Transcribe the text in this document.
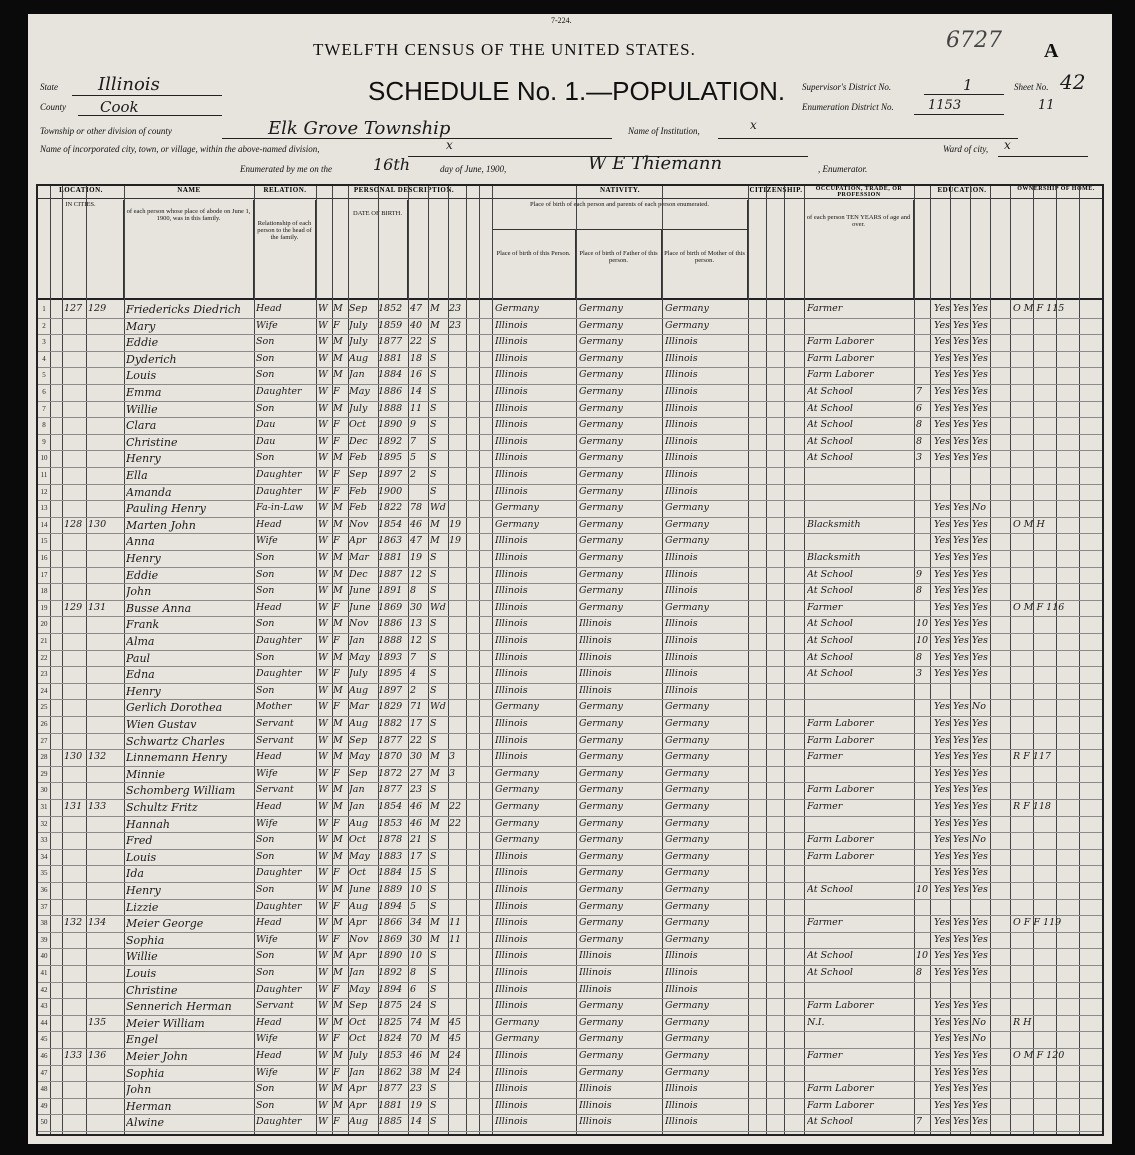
7-224.
TWELFTH CENSUS OF THE UNITED STATES.	A
6727
SCHEDULE No. 1.—POPULATION.
State Illinois
County Cook
Supervisor's District No.	1	Sheet No. 42
Enumeration District No.	1153	11
Township or other division of county	Elk Grove Township	Name of Institution,	x
Name of incorporated city, town, or village, within the above-named division,	x	Ward of city, x
Enumerated by me on the	16th	day of June, 1900,	W E Thiemann	, Enumerator.
LOCATION.	NAME	RELATION.	PERSONAL DESCRIPTION.	NATIVITY.	CITIZENSHIP.	OCCUPATION, TRADE, OR PROFESSION
EDUCATION.	OWNERSHIP OF HOME.
IN CITIES.
of each person whose place of abode on June 1, 1900, was in this family.
Relationship of each person to the head of the family.
DATE OF BIRTH.
Place of birth of each person and parents of each person enumerated.
Place of birth of this Person.	Place of birth of Father of this person.
Place of birth of Mother of this person.
of each person TEN YEARS of age and over.
1	127 129	Friedericks Diedrich	Head	W M Sep	1852 47 M 23	Germany	Germany	Germany	Farmer	Yes Yes Yes	O M F 115
2	Mary	Wife	W F July	1859 40 M 23	Illinois	Germany	Germany	Yes Yes Yes
3	Eddie	Son	W M July	1877 22 S	Illinois	Germany	Illinois	Farm Laborer	Yes Yes Yes
4	Dyderich	Son	W M Aug	1881 18 S	Illinois	Germany	Illinois	Farm Laborer	Yes Yes Yes
5	Louis	Son	W M Jan	1884 16 S	Illinois	Germany	Illinois	Farm Laborer	Yes Yes Yes
6	Emma	Daughter	W F May 1886 14 S	Illinois	Germany	Illinois	At School	7	Yes Yes Yes
7	Willie	Son	W M July	1888 11 S	Illinois	Germany	Illinois	At School	6	Yes Yes Yes
8	Clara	Dau	W F Oct	1890 9	S	Illinois	Germany	Illinois	At School	8	Yes Yes Yes
9	Christine	Dau	W F Dec	1892 7	S	Illinois	Germany	Illinois	At School	8	Yes Yes Yes
10	Henry	Son	W M Feb	1895 5	S	Illinois	Germany	Illinois	At School	3	Yes Yes Yes
11	Ella	Daughter	W F Sep	1897 2	S	Illinois	Germany	Illinois
12	Amanda	Daughter	W F Feb	1900	S	Illinois	Germany	Illinois
13	Pauling Henry	Fa-in-Law	W M Feb	1822 78 Wd	Germany	Germany	Germany	Yes Yes No
14	128 130	Marten John	Head	W M Nov	1854 46 M 19	Germany	Germany	Germany	Blacksmith	Yes Yes Yes	O M H
15	Anna	Wife	W F Apr	1863 47 M 19	Illinois	Germany	Germany	Yes Yes Yes
16	Henry	Son	W M Mar 1881 19 S	Illinois	Germany	Illinois	Blacksmith	Yes Yes Yes
17	Eddie	Son	W M Dec	1887 12 S	Illinois	Germany	Illinois	At School	9	Yes Yes Yes
18	John	Son	W M June 1891 8	S	Illinois	Germany	Illinois	At School	8	Yes Yes Yes
19	129 131	Busse Anna	Head	W F June 1869 30 Wd	Illinois	Germany	Germany	Farmer	Yes Yes Yes	O M F 116
20	Frank	Son	W M Nov	1886 13 S	Illinois	Illinois	Illinois	At School	10 Yes Yes Yes
21	Alma	Daughter	W F Jan	1888 12 S	Illinois	Illinois	Illinois	At School	10 Yes Yes Yes
22	Paul	Son	W M May 1893 7	S	Illinois	Illinois	Illinois	At School	8	Yes Yes Yes
23	Edna	Daughter	W F July	1895 4	S	Illinois	Illinois	Illinois	At School	3	Yes Yes Yes
24	Henry	Son	W M Aug	1897 2	S	Illinois	Illinois	Illinois
25	Gerlich Dorothea	Mother	W F Mar 1829 71 Wd	Germany	Germany	Germany	Yes Yes No
26	Wien Gustav	Servant	W M Aug	1882 17 S	Illinois	Germany	Germany	Farm Laborer	Yes Yes Yes
27	Schwartz Charles	Servant	W M Sep	1877 22 S	Illinois	Germany	Germany	Farm Laborer	Yes Yes Yes
28	130 132	Linnemann Henry	Head	W M May 1870 30 M 3	Illinois	Germany	Germany	Farmer	Yes Yes Yes	R F 117
29	Minnie	Wife	W F Sep	1872 27 M 3	Germany	Germany	Germany	Yes Yes Yes
30	Schomberg William	Servant	W M Jan	1877 23 S	Germany	Germany	Germany	Farm Laborer	Yes Yes Yes
31	131 133	Schultz Fritz	Head	W M Jan	1854 46 M 22	Germany	Germany	Germany	Farmer	Yes Yes Yes	R F 118
32	Hannah	Wife	W F Aug	1853 46 M 22	Germany	Germany	Germany	Yes Yes Yes
33	Fred	Son	W M Oct	1878 21 S	Germany	Germany	Germany	Farm Laborer	Yes Yes No
34	Louis	Son	W M May 1883 17 S	Illinois	Germany	Germany	Farm Laborer	Yes Yes Yes
35	Ida	Daughter	W F Oct	1884 15 S	Illinois	Germany	Germany	Yes Yes Yes
36	Henry	Son	W M June 1889 10 S	Illinois	Germany	Germany	At School	10 Yes Yes Yes
37	Lizzie	Daughter	W F Aug	1894 5	S	Illinois	Germany	Germany
38	132 134	Meier George	Head	W M Apr	1866 34 M 11	Illinois	Germany	Germany	Farmer	Yes Yes Yes	O F F 119
39	Sophia	Wife	W F Nov	1869 30 M 11	Illinois	Germany	Germany	Yes Yes Yes
40	Willie	Son	W M Apr	1890 10 S	Illinois	Illinois	Illinois	At School	10 Yes Yes Yes
41	Louis	Son	W M Jan	1892 8	S	Illinois	Illinois	Illinois	At School	8	Yes Yes Yes
42	Christine	Daughter	W F May 1894 6	S	Illinois	Illinois	Illinois
43	Sennerich Herman	Servant	W M Sep	1875 24 S	Illinois	Germany	Germany	Farm Laborer	Yes Yes Yes
44	135	Meier William	Head	W M Oct	1825 74 M 45	Germany	Germany	Germany	N.I.	Yes Yes No	R H
45	Engel	Wife	W F Oct	1824 70 M 45	Germany	Germany	Germany	Yes Yes No
46	133 136	Meier John	Head	W M July	1853 46 M 24	Illinois	Germany	Germany	Farmer	Yes Yes Yes	O M F 120
47	Sophia	Wife	W F Jan	1862 38 M 24	Illinois	Germany	Germany	Yes Yes Yes
48	John	Son	W M Apr	1877 23 S	Illinois	Illinois	Illinois	Farm Laborer	Yes Yes Yes
49	Herman	Son	W M Apr	1881 19 S	Illinois	Illinois	Illinois	Farm Laborer	Yes Yes Yes
50	Alwine	Daughter	W F Aug	1885 14 S	Illinois	Illinois	Illinois	At School	7	Yes Yes Yes
